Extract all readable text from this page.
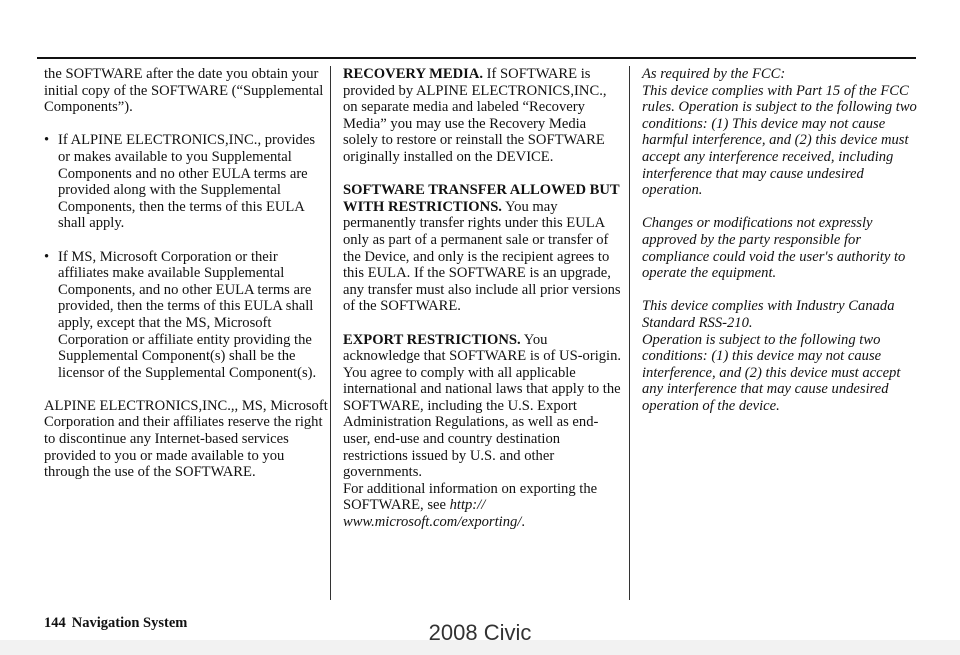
the SOFTWARE after the date you obtain your initial copy of the SOFTWARE (“Supplemental Components”).

• If ALPINE ELECTRONICS,INC., provides or makes available to you Supplemental Components and no other EULA terms are provided along with the Supplemental Components, then the terms of this EULA shall apply.
• If MS, Microsoft Corporation or their affiliates make available Supplemental Components, and no other EULA terms are provided, then the terms of this EULA shall apply, except that the MS, Microsoft Corporation or affiliate entity providing the Supplemental Component(s) shall be the licensor of the Supplemental Component(s).

ALPINE ELECTRONICS,INC.,, MS, Microsoft Corporation and their affiliates reserve the right to discontinue any Internet-based services provided to you or made available to you through the use of the SOFTWARE.

RECOVERY MEDIA. If SOFTWARE is provided by ALPINE ELECTRONICS,INC., on separate media and labeled “Recovery Media” you may use the Recovery Media solely to restore or reinstall the SOFTWARE originally installed on the DEVICE.

SOFTWARE TRANSFER ALLOWED BUT WITH RESTRICTIONS. You may permanently transfer rights under this EULA only as part of a permanent sale or transfer of the Device, and only is the recipient agrees to this EULA. If the SOFTWARE is an upgrade, any transfer must also include all prior versions of the SOFTWARE.

EXPORT RESTRICTIONS. You acknowledge that SOFTWARE is of US-origin. You agree to comply with all applicable international and national laws that apply to the SOFTWARE, including the U.S. Export Administration Regulations, as well as end-user, end-use and country destination restrictions issued by U.S. and other governments.

For additional information on exporting the SOFTWARE, see http:// www.microsoft.com/exporting/.

As required by the FCC:

This device complies with Part 15 of the FCC rules. Operation is subject to the following two conditions: (1) This device may not cause harmful interference, and (2) this device must accept any interference received, including interference that may cause undesired operation.

Changes or modifications not expressly approved by the party responsible for compliance could void the user's authority to operate the equipment.

This device complies with Industry Canada Standard RSS-210.

Operation is subject to the following two conditions: (1) this device may not cause interference, and (2) this device must accept any interference that may cause undesired operation of the device.

144 Navigation System	2008 Civic
